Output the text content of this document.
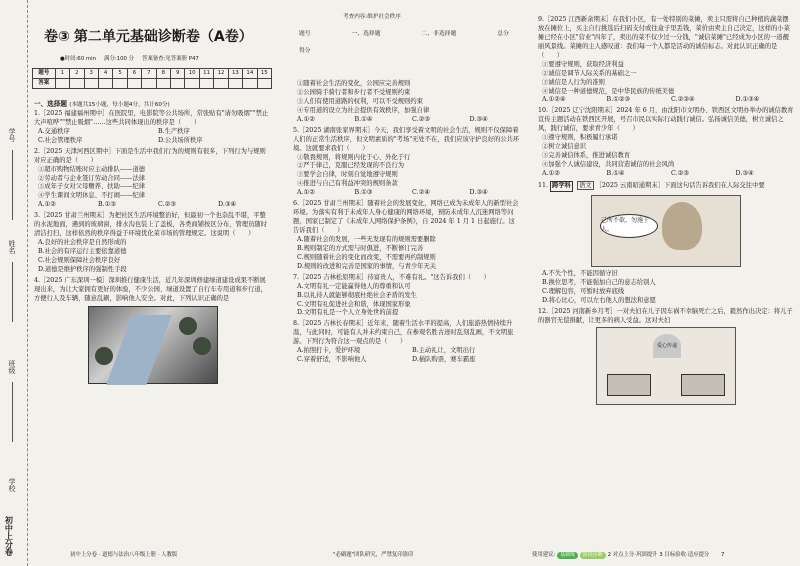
学号
姓名
班级
学校
初中上分卷
卷③ 第二单元基础诊断卷（A卷）
●时间:60 min 满分:100 分 答案备查:见答案册 P47
题号	1	2	3	4	5	6	7	8	9	10	11	12	13	14	15
答案															
一、选择题 (本题共15小题，每小题4分，共计60分)
1.［2025 福建福州期中］在医院里，电影院等公共场所，常张贴有"请勿吸烟""禁止大声喧哗""禁止吸烟"……这些共同体现出的秩序是（　　）
A.交通秩序	B.生产秩序
C.社会管理秩序	D.公共场所秩序
2.［2025 天津河西区期中］下面是生活中我们行为的规则有很多，下列行为与规则对应正确的是（　　）
①超市购物结账时应主动排队——道德
②劳动者与企业签订劳动合同——法律
③成年子女对父母赡养、扶助——纪律
④学生课间文明休息、不打闹——纪律
A.①②	B.①③	C.②③	D.③④
3.［2025 甘肃兰州期末］为把社区生活环境整治好，但最初一个也杂乱不堪，平整的水泥地面，遇到的玻璃窗，排水沟也装上了盖板，各类商铺按区分布，管理员随时清洁打扫，这样依然的秩序得益于环境优化菜市场的管理规定。这说明（　　）
A.良好的社会秩序是自然形成的
B.社会的有序运行主要依靠道德
C.社会规则保障社会秩序良好
D.道德是维护秩序的强制性手段
4.［2025 广东深圳一模］深圳推行健康生活，近几年深圳修建绿道建设成果不断展现出来，为让大家拥有更好的体验，不少公园、绿道设置了自行车专用道和步行道，方便行人及车辆，随意乱刷，影响他人安全。对此，下列认识正确的是
初中上分卷 · 道德与法治八年级上册 · 人教版
考查内容:维护社会秩序
题号	一、选择题	二、非选择题	总分
得分
①随着社会生活的变化，公园应完善规则
②公园骑手骑行者和步行者不受规则约束
③人们有使用道路的权利，可以不受规则约束
④专用道的设立为社会提供有效秩序，加强自律
A.①②	B.①④	C.②③	D.③④
5.［2025 湖南张家界期末］今天，我们享受着文明的社会生活，规则不仅保障着人们的正常生活秩序，但文明素质的"考场"无处不在，我们应该守护良好的公共环境。这就要求我们（　　）
①敬畏规则，将规则内化于心、外化于行
②严于律己，克服已经发现的不良行为
③要学会自律，时刻自觉地遵守规则
④推进与自己有利益冲突的规则条款
A.①②	B.①③	C.②④	D.③④
6.［2025 甘肃兰州期末］随着社会的发展变化，网络已成为未成年人的新型社会环境。为落实有利于未成年人身心健康的网络环境，预防未成年人沉迷网络等问题，国家已制定了《未成年人网络保护条例》，自 2024 年 1 月 1 日起施行。这告诉我们（　　）
A.随着社会的发展，一些无发现有的规则需要删除
B.规则制定的方式需与时俱进，不断修订完善
C.规则随着社会的变化而改变，不需要再约制规则
D.规则的改进和完善是国家的事情，与青少年无关
7.［2025 吉林松原期末］待富贵人，不难有礼。"这告诉我们（　　）
A.文明有礼一定能赢得他人的尊重和认可
B.以礼待人就能够彻底杜绝社会矛盾的发生
C.文明有礼促进社会和谐，体现国家形象
D.文明有礼是一个人立身处世的前提
8.［2025 吉林长春期末］近年来，随着生活水平的提高，人们旅游热情持续升温，与此同时，可能有人并未约束自己，在参观名胜古迹时乱刻乱画，不文明旅游。下列行为符合这一观点的是（　　）
A.拍照打卡，爱护环境	B.主动礼让，文明出行
C.穿着舒适，不影响他人	D.插队购票，赛车霸座
"必刷题"团队研究，严禁复印盗印
9.［2025 江西新余期末］在我们小区，有一处特别的菜摊，卖主只需将自己种植的蔬菜摆放在摊位上，买主自行挑选后扫码支付或往盒子里丢钱，菜价由卖主自己决定，这样的小菜摊已经在小区"营业"四年了，卖出的菜不仅少过一分钱，"诚信菜摊"已经成为小区的一道靓丽风景线。菜摊的主人感叹道：我们每一个人都是活动的诚信标志。对此认识正确的是（　　）
①要遵守规则，获取经济利益
②诚信是调节人际关系的基础之一
③诚信是人行为的准则
④诚信是一种道德规范，是中华民族的传统美德
A.①②④	B.①②③	C.②③④	D.①③④
10.［2025 辽宁沈阳期末］2024 年 6 月，由沈阳市文明办、铁西区文明办举办的诚信教育宣传主题活动在铁西区开展，号召市民以实际行动践行诚信。弘扬诚信美德，树立诚信之风，践行诚信，要求青少年（　　）
①遵守规则，积极履行承诺
②树立诚信意识
③完善诚信体系，推进诚信教育
④加强个人诚信建设，共同营造诚信的社会风尚
A.①②	B.①④	C.②③	D.③④
11. 跨学科 语文 ［2025 云南昭通期末］下面这句话告诉我们在人际交往中要
己所不欲，勿施于人。
A.不失个性，不能因循守旧
B.换位思考，不能强加自己的意志给别人
C.理解包容，可暂时放弃底线
D.将心比心，可以左右他人的想法和意愿
12.［2025 河南新乡月考］一对夫妇在儿子因车祸不幸脑死亡之后，毅然作出决定：将儿子的器官无偿捐献，让更多的病人受益。这对夫妇
爱心传递
使用建议: 基础练 阶段诊断 2 对点上分·巩固提升 3 目标验收·适应提分 7
